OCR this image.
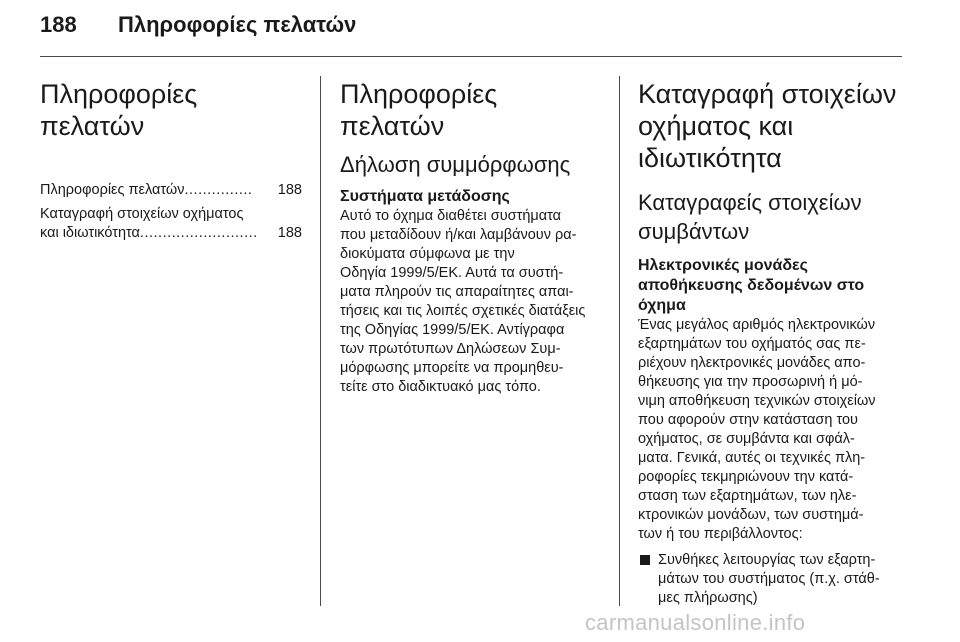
188	Πληροφορίες πελατών
Πληροφορίες
πελατών
Πληροφορίες πελατών ...............	188
Καταγραφή στοιχείων οχήματος
και ιδιωτικότητα ..........................	188
Πληροφορίες πελατών
Δήλωση συμμόρφωσης
Συστήματα μετάδοσης

Αυτό το όχημα διαθέτει συστήματα
που μεταδίδουν ή/και λαμβάνουν ρα-
διοκύματα σύμφωνα με την
Οδηγία 1999/5/ΕΚ. Αυτά τα συστή-
ματα πληρούν τις απαραίτητες απαι-
τήσεις και τις λοιπές σχετικές διατάξεις
της Οδηγίας 1999/5/ΕΚ. Αντίγραφα
των πρωτότυπων Δηλώσεων Συμ-
μόρφωσης μπορείτε να προμηθευ-
τείτε στο διαδικτυακό μας τόπο.

Καταγραφή στοιχείων
οχήματος και
ιδιωτικότητα
Καταγραφείς στοιχείων
συμβάντων
Ηλεκτρονικές μονάδες
αποθήκευσης δεδομένων στο
όχημα

Ένας μεγάλος αριθμός ηλεκτρονικών
εξαρτημάτων του οχήματός σας πε-
ριέχουν ηλεκτρονικές μονάδες απο-
θήκευσης για την προσωρινή ή μό-
νιμη αποθήκευση τεχνικών στοιχείων
που αφορούν στην κατάσταση του
οχήματος, σε συμβάντα και σφάλ-
ματα. Γενικά, αυτές οι τεχνικές πλη-
ροφορίες τεκμηριώνουν την κατά-
σταση των εξαρτημάτων, των ηλε-
κτρονικών μονάδων, των συστημά-
των ή του περιβάλλοντος:

Συνθήκες λειτουργίας των εξαρτη-
μάτων του συστήματος (π.χ. στάθ-
μες πλήρωσης)
carmanualsonline.info
